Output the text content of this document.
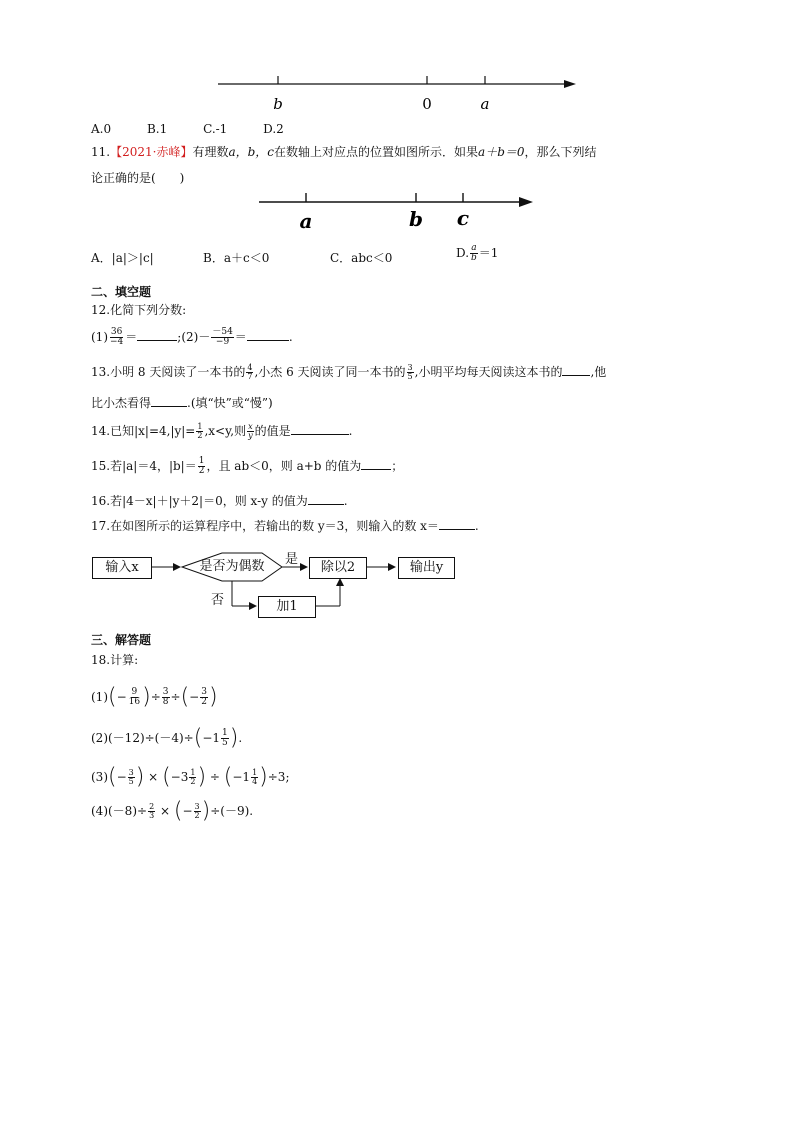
b	0	a
A.0	B.1	C.-1	D.2
11.【2021·赤峰】有理数a，b，c在数轴上对应点的位置如图所示．如果a＋b＝0，那么下列结
论正确的是(　　)
a	b c
A．|a|＞|c|	B．a＋c＜0	C．abc＜0	D. $\frac{a}{b} =1$
二、填空题
12.化简下列分数:
$(1) \frac{36}{-4}$ ＝	;(2)－ $\frac{-54}{-9}$ ＝	.
13.小明 8 天阅读了一本书的 $\frac{4}{7}$ ,小杰 6 天阅读了同一本书的 $\frac{3}{5}$ ,小明平均每天阅读这本书的 ,他
比小杰看得	.(填“快”或“慢”)
14.已知$|x|=4,|y|= \frac{1}{2} ,x<y$,则 $\frac{x}{y}$ 的值是	.
15.若|a|＝4，$|b|= \frac{1}{2}$ ，且 ab＜0，则 a+b 的值为	；
16.若|4－x|＋|y＋2|＝0，则 x-y 的值为	.
17.在如图所示的运算程序中，若输出的数 y＝3，则输入的数 x＝	.
输入x	是否为偶数	是
否
除以2	输出y
加1
三、解答题
18.计算:
$(1)(- \frac{9}{16}$ )÷ $\frac{3}{8}$ ÷(− $\frac{3}{2}$ )
$(2)(-12)\div(-4)\div(-1 \frac{1}{5}$ ).
$(3)(- \frac{3}{5}$ ) × ($-3 \frac{1}{2}$ ) ÷ $(-1 \frac{1}{4} )\div 3$;
$(4)(-8)\div \frac{2}{3}$ × (− $\frac{3}{2} )\div(-9)$.
